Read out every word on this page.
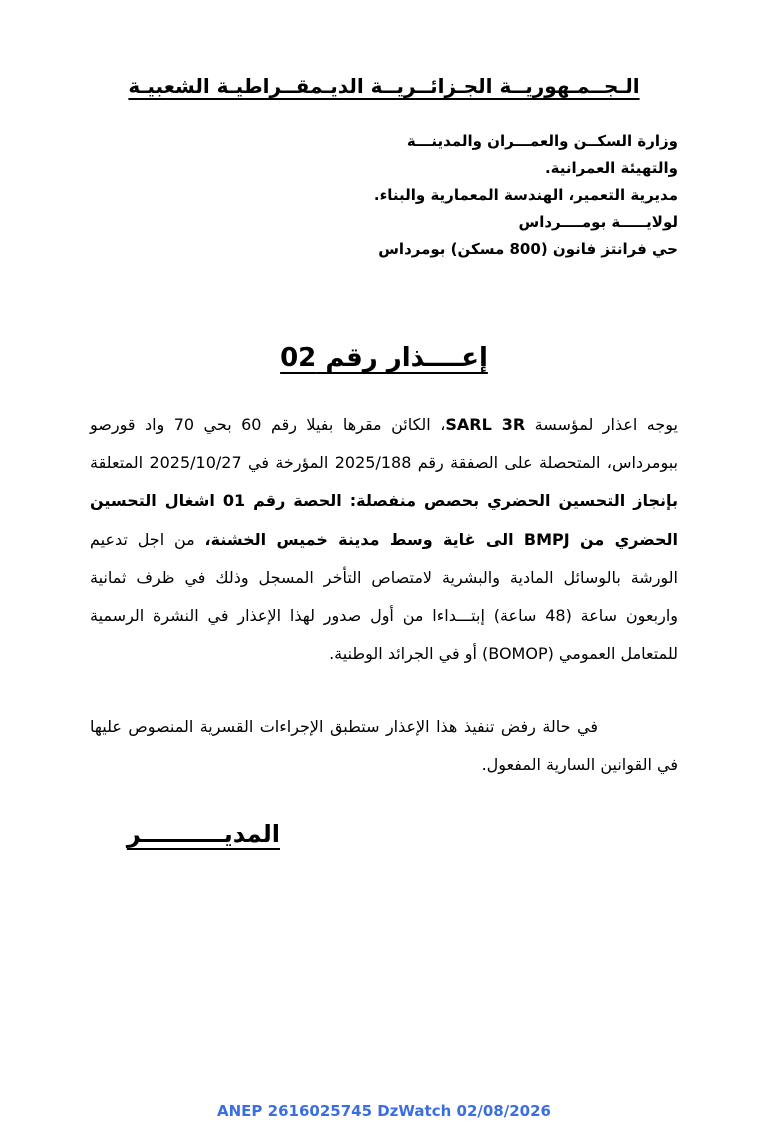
الـجــمـهوريــة الجـزائــريــة الديـمقــراطيـة الشعبيـة
وزارة السكــن والعمـــران والمدينـــة
والتهيئة العمرانية.
مديرية التعمير، الهندسة المعمارية والبناء.
لولايـــــة بومــــرداس
حي فرانتز فانون (800 مسكن) بومرداس
إعــــذار رقم 02
يوجه اعذار لمؤسسة SARL 3R، الكائن مقرها بفيلا رقم 60 بحي 70 واد قورصو ببومرداس، المتحصلة على الصفقة رقم 2025/188 المؤرخة في 2025/10/27 المتعلقة بإنجاز التحسين الحضري بحصص منفصلة: الحصة رقم 01 اشغال التحسين الحضري من BMPJ الى غاية وسط مدينة خميس الخشنة، من اجل تدعيم الورشة بالوسائل المادية والبشرية لامتصاص التأخر المسجل وذلك في ظرف ثمانية واربعون ساعة (48 ساعة) إبتـــداءا من أول صدور لهذا الإعذار في النشرة الرسمية للمتعامل العمومي (BOMOP) أو في الجرائد الوطنية.
في حالة رفض تنفيذ هذا الإعذار ستطبق الإجراءات القسرية المنصوص عليها في القوانين السارية المفعول.
المديــــــــــر
ANEP 2616025745 DzWatch 02/08/2026
